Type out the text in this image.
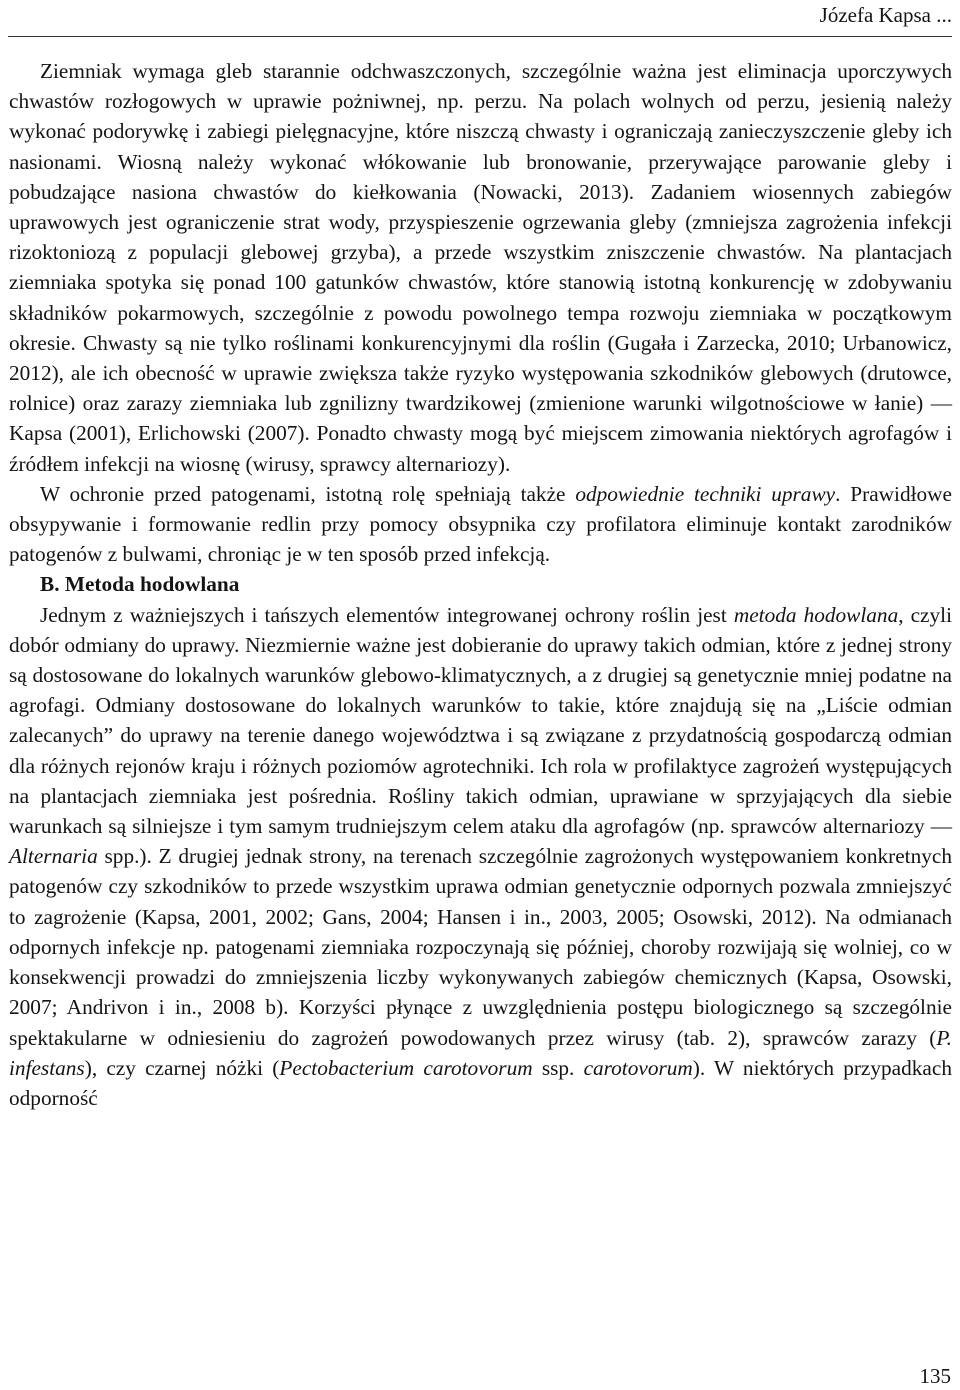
Józefa Kapsa ...

Ziemniak wymaga gleb starannie odchwaszczonych, szczególnie ważna jest eliminacja uporczywych chwastów rozłogowych w uprawie pożniwnej, np. perzu. Na polach wolnych od perzu, jesienią należy wykonać podorywkę i zabiegi pielęgnacyjne, które niszczą chwasty i ograniczają zanieczyszczenie gleby ich nasionami. Wiosną należy wykonać włókowanie lub bronowanie, przerywające parowanie gleby i pobudzające nasiona chwastów do kiełkowania (Nowacki, 2013). Zadaniem wiosennych zabiegów uprawowych jest ograniczenie strat wody, przyspieszenie ogrzewania gleby (zmniejsza zagrożenia infekcji rizoktoniozą z populacji glebowej grzyba), a przede wszystkim zniszczenie chwastów. Na plantacjach ziemniaka spotyka się ponad 100 gatunków chwastów, które stanowią istotną konkurencję w zdobywaniu składników pokarmowych, szczególnie z powodu powolnego tempa rozwoju ziemniaka w początkowym okresie. Chwasty są nie tylko roślinami konkurencyjnymi dla roślin (Gugała i Zarzecka, 2010; Urbanowicz, 2012), ale ich obecność w uprawie zwiększa także ryzyko występowania szkodników glebowych (drutowce, rolnice) oraz zarazy ziemniaka lub zgnilizny twardzikowej (zmienione warunki wilgotnościowe w łanie) — Kapsa (2001), Erlichowski (2007). Ponadto chwasty mogą być miejscem zimowania niektórych agrofagów i źródłem infekcji na wiosnę (wirusy, sprawcy alternariozy).

W ochronie przed patogenami, istotną rolę spełniają także odpowiednie techniki uprawy. Prawidłowe obsypywanie i formowanie redlin przy pomocy obsypnika czy profilatora eliminuje kontakt zarodników patogenów z bulwami, chroniąc je w ten sposób przed infekcją.

B. Metoda hodowlana

Jednym z ważniejszych i tańszych elementów integrowanej ochrony roślin jest metoda hodowlana, czyli dobór odmiany do uprawy. Niezmiernie ważne jest dobieranie do uprawy takich odmian, które z jednej strony są dostosowane do lokalnych warunków glebowo-klimatycznych, a z drugiej są genetycznie mniej podatne na agrofagi. Odmiany dostosowane do lokalnych warunków to takie, które znajdują się na „Liście odmian zalecanych” do uprawy na terenie danego województwa i są związane z przydatnością gospodarczą odmian dla różnych rejonów kraju i różnych poziomów agrotechniki. Ich rola w profilaktyce zagrożeń występujących na plantacjach ziemniaka jest pośrednia. Rośliny takich odmian, uprawiane w sprzyjających dla siebie warunkach są silniejsze i tym samym trudniejszym celem ataku dla agrofagów (np. sprawców alternariozy — Alternaria spp.). Z drugiej jednak strony, na terenach szczególnie zagrożonych występowaniem konkretnych patogenów czy szkodników to przede wszystkim uprawa odmian genetycznie odpornych pozwala zmniejszyć to zagrożenie (Kapsa, 2001, 2002; Gans, 2004; Hansen i in., 2003, 2005; Osowski, 2012). Na odmianach odpornych infekcje np. patogenami ziemniaka rozpoczynają się później, choroby rozwijają się wolniej, co w konsekwencji prowadzi do zmniejszenia liczby wykonywanych zabiegów chemicznych (Kapsa, Osowski, 2007; Andrivon i in., 2008 b). Korzyści płynące z uwzględnienia postępu biologicznego są szczególnie spektakularne w odniesieniu do zagrożeń powodowanych przez wirusy (tab. 2), sprawców zarazy (P. infestans), czy czarnej nóżki (Pectobacterium carotovorum ssp. carotovorum). W niektórych przypadkach odporność

135
